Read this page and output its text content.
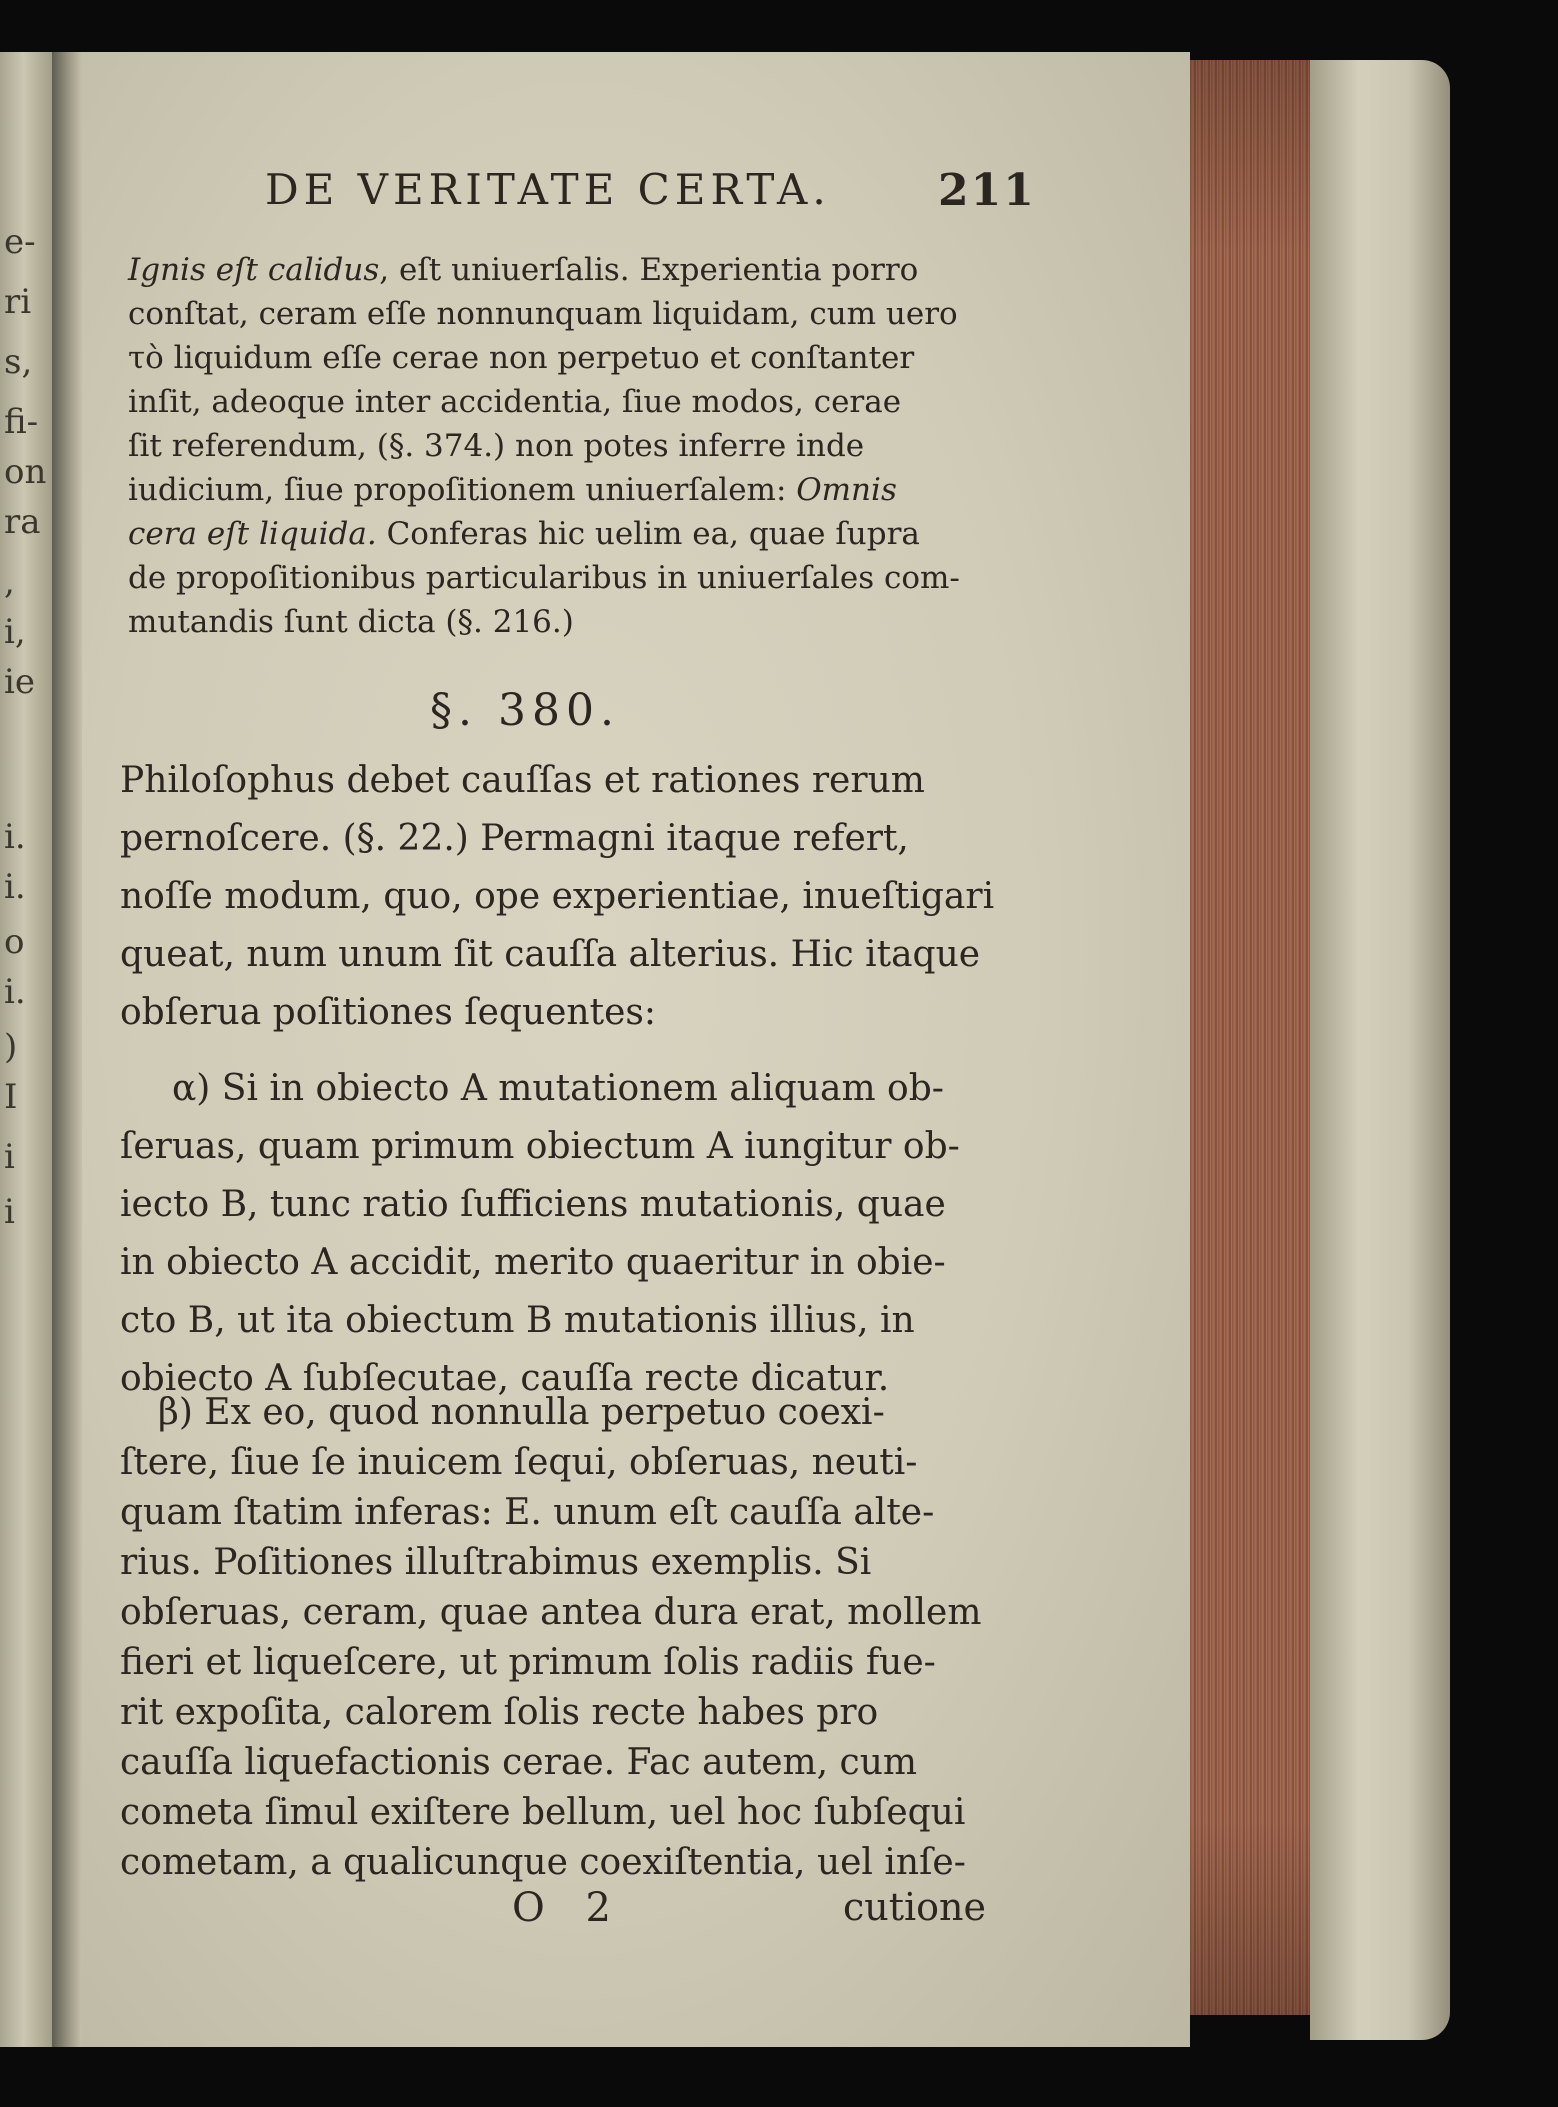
e-
ri
s,
fi-
on
ra
,
i,
ie
i.
i.
o
i.
)
I
i
i
DE VERITATE CERTA.	211
Ignis eſt calidus, eſt uniuerſalis. Experientia porro
conſtat, ceram eſſe nonnunquam liquidam, cum uero
τὸ liquidum eſſe cerae non perpetuo et conſtanter
inſit, adeoque inter accidentia, ſiue modos, cerae
ſit referendum, (§. 374.) non potes inferre inde
iudicium, ſiue propoſitionem uniuerſalem: Omnis
cera eſt liquida. Conferas hic uelim ea, quae ſupra
de propoſitionibus particularibus in uniuerſales com-
mutandis ſunt dicta (§. 216.)
§. 380.
Philoſophus debet cauſſas et rationes rerum
pernoſcere. (§. 22.) Permagni itaque refert,
noſſe modum, quo, ope experientiae, inueſtigari
queat, num unum ſit cauſſa alterius. Hic itaque
obſerua poſitiones ſequentes:
α) Si in obiecto A mutationem aliquam ob-
ſeruas, quam primum obiectum A iungitur ob-
iecto B, tunc ratio ſufficiens mutationis, quae
in obiecto A accidit, merito quaeritur in obie-
cto B, ut ita obiectum B mutationis illius, in
obiecto A ſubſecutae, cauſſa recte dicatur.
β) Ex eo, quod nonnulla perpetuo coexi-
ſtere, ſiue ſe inuicem ſequi, obſeruas, neuti-
quam ſtatim inferas: E. unum eſt cauſſa alte-
rius. Poſitiones illuſtrabimus exemplis. Si
obſeruas, ceram, quae antea dura erat, mollem
fieri et liqueſcere, ut primum ſolis radiis fue-
rit expoſita, calorem ſolis recte habes pro
cauſſa liquefactionis cerae. Fac autem, cum
cometa ſimul exiſtere bellum, uel hoc ſubſequi
cometam, a qualicunque coexiſtentia, uel inſe-
O 2	cutione
